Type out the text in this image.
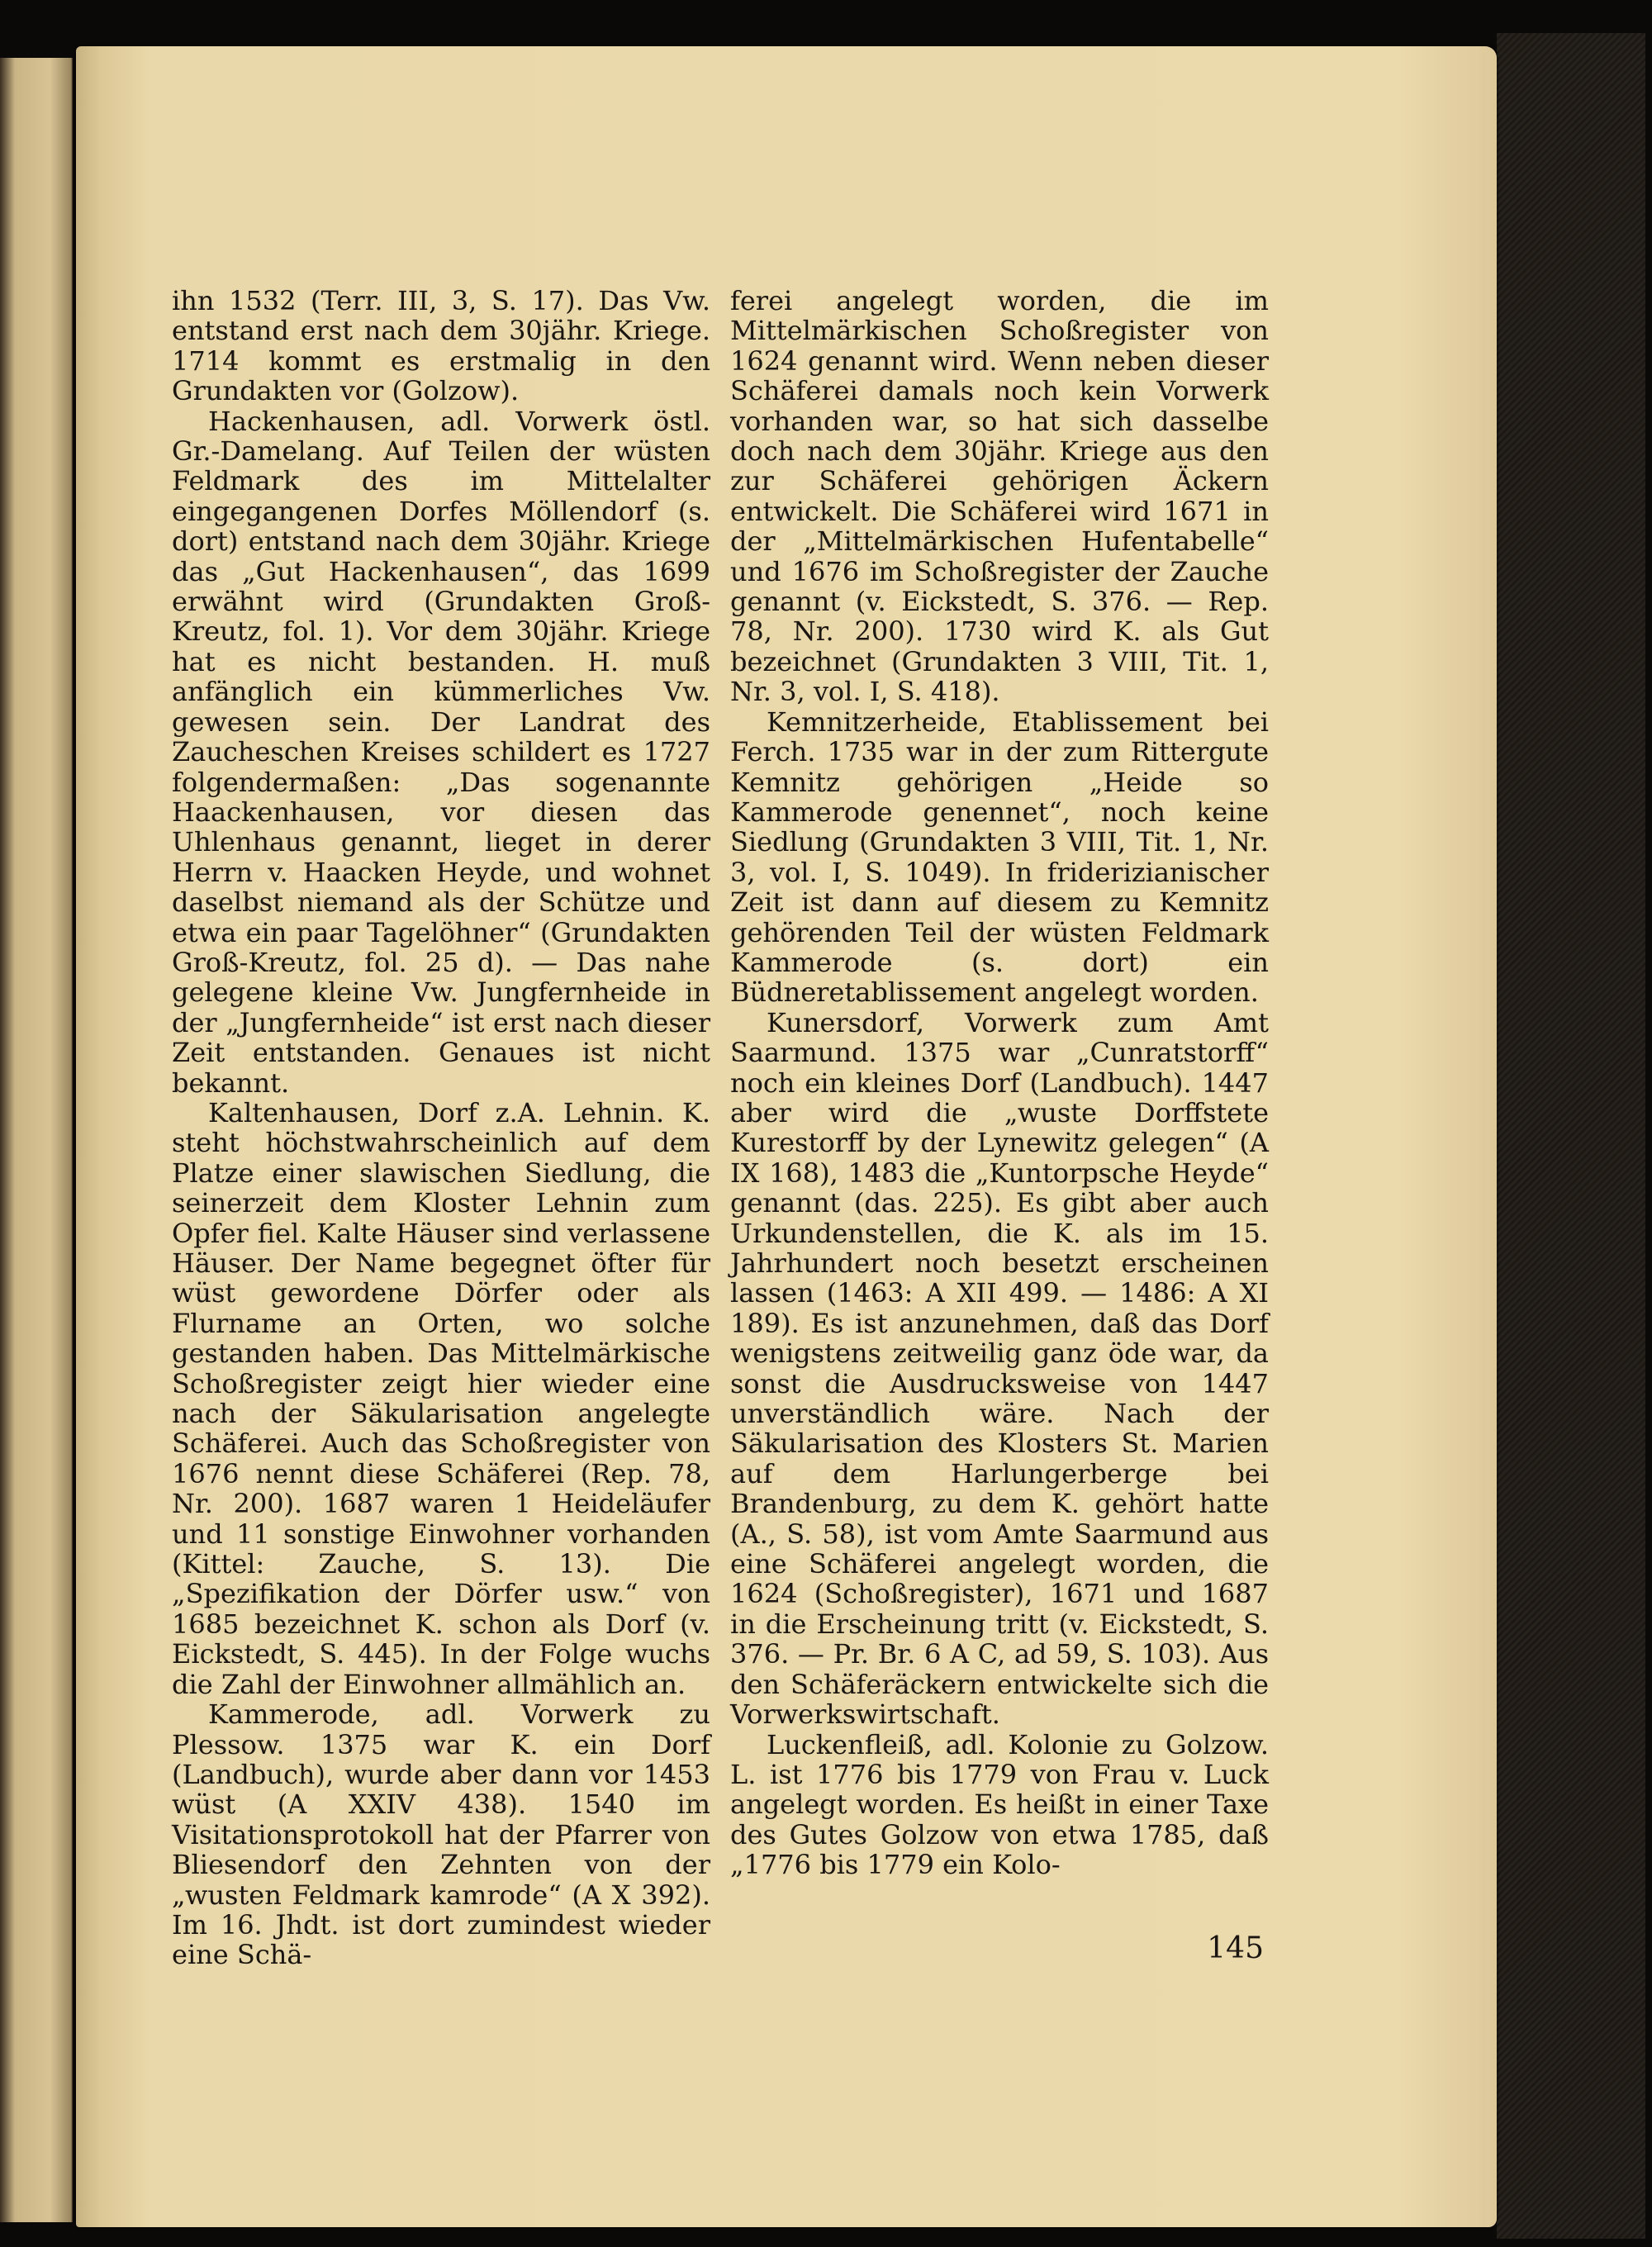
ihn 1532 (Terr. III, 3, S. 17). Das Vw. entstand erst nach dem 30jähr. Kriege. 1714 kommt es erstmalig in den Grundakten vor (Golzow).

Hackenhausen, adl. Vorwerk östl. Gr.-Damelang. Auf Teilen der wüsten Feldmark des im Mittelalter eingegangenen Dorfes Möllendorf (s. dort) entstand nach dem 30jähr. Kriege das „Gut Hackenhausen“, das 1699 erwähnt wird (Grundakten Groß-Kreutz, fol. 1). Vor dem 30jähr. Kriege hat es nicht bestanden. H. muß anfänglich ein kümmerliches Vw. gewesen sein. Der Landrat des Zaucheschen Kreises schildert es 1727 folgendermaßen: „Das sogenannte Haackenhausen, vor diesen das Uhlenhaus genannt, lieget in derer Herrn v. Haacken Heyde, und wohnet daselbst niemand als der Schütze und etwa ein paar Tagelöhner“ (Grundakten Groß-Kreutz, fol. 25 d). — Das nahe gelegene kleine Vw. Jungfernheide in der „Jungfernheide“ ist erst nach dieser Zeit entstanden. Genaues ist nicht bekannt.

Kaltenhausen, Dorf z.A. Lehnin. K. steht höchstwahrscheinlich auf dem Platze einer slawischen Siedlung, die seinerzeit dem Kloster Lehnin zum Opfer fiel. Kalte Häuser sind verlassene Häuser. Der Name begegnet öfter für wüst gewordene Dörfer oder als Flurname an Orten, wo solche gestanden haben. Das Mittelmärkische Schoßregister zeigt hier wieder eine nach der Säkularisation angelegte Schäferei. Auch das Schoßregister von 1676 nennt diese Schäferei (Rep. 78, Nr. 200). 1687 waren 1 Heideläufer und 11 sonstige Einwohner vorhanden (Kittel: Zauche, S. 13). Die „Spezifikation der Dörfer usw.“ von 1685 bezeichnet K. schon als Dorf (v. Eickstedt, S. 445). In der Folge wuchs die Zahl der Einwohner allmählich an.

Kammerode, adl. Vorwerk zu Plessow. 1375 war K. ein Dorf (Landbuch), wurde aber dann vor 1453 wüst (A XXIV 438). 1540 im Visitationsprotokoll hat der Pfarrer von Bliesendorf den Zehnten von der „wusten Feldmark kamrode“ (A X 392). Im 16. Jhdt. ist dort zumindest wieder eine Schä-

ferei angelegt worden, die im Mittelmärkischen Schoßregister von 1624 genannt wird. Wenn neben dieser Schäferei damals noch kein Vorwerk vorhanden war, so hat sich dasselbe doch nach dem 30jähr. Kriege aus den zur Schäferei gehörigen Äckern entwickelt. Die Schäferei wird 1671 in der „Mittelmärkischen Hufentabelle“ und 1676 im Schoßregister der Zauche genannt (v. Eickstedt, S. 376. — Rep. 78, Nr. 200). 1730 wird K. als Gut bezeichnet (Grundakten 3 VIII, Tit. 1, Nr. 3, vol. I, S. 418).

Kemnitzerheide, Etablissement bei Ferch. 1735 war in der zum Rittergute Kemnitz gehörigen „Heide so Kammerode genennet“, noch keine Siedlung (Grundakten 3 VIII, Tit. 1, Nr. 3, vol. I, S. 1049). In friderizianischer Zeit ist dann auf diesem zu Kemnitz gehörenden Teil der wüsten Feldmark Kammerode (s. dort) ein Büdneretablissement angelegt worden.

Kunersdorf, Vorwerk zum Amt Saarmund. 1375 war „Cunratstorff“ noch ein kleines Dorf (Landbuch). 1447 aber wird die „wuste Dorffstete Kurestorff by der Lynewitz gelegen“ (A IX 168), 1483 die „Kuntorpsche Heyde“ genannt (das. 225). Es gibt aber auch Urkundenstellen, die K. als im 15. Jahrhundert noch besetzt erscheinen lassen (1463: A XII 499. — 1486: A XI 189). Es ist anzunehmen, daß das Dorf wenigstens zeitweilig ganz öde war, da sonst die Ausdrucksweise von 1447 unverständlich wäre. Nach der Säkularisation des Klosters St. Marien auf dem Harlungerberge bei Brandenburg, zu dem K. gehört hatte (A., S. 58), ist vom Amte Saarmund aus eine Schäferei angelegt worden, die 1624 (Schoßregister), 1671 und 1687 in die Erscheinung tritt (v. Eickstedt, S. 376. — Pr. Br. 6 A C, ad 59, S. 103). Aus den Schäferäckern entwickelte sich die Vorwerkswirtschaft.

Luckenfleiß, adl. Kolonie zu Golzow. L. ist 1776 bis 1779 von Frau v. Luck angelegt worden. Es heißt in einer Taxe des Gutes Golzow von etwa 1785, daß „1776 bis 1779 ein Kolo-

145
